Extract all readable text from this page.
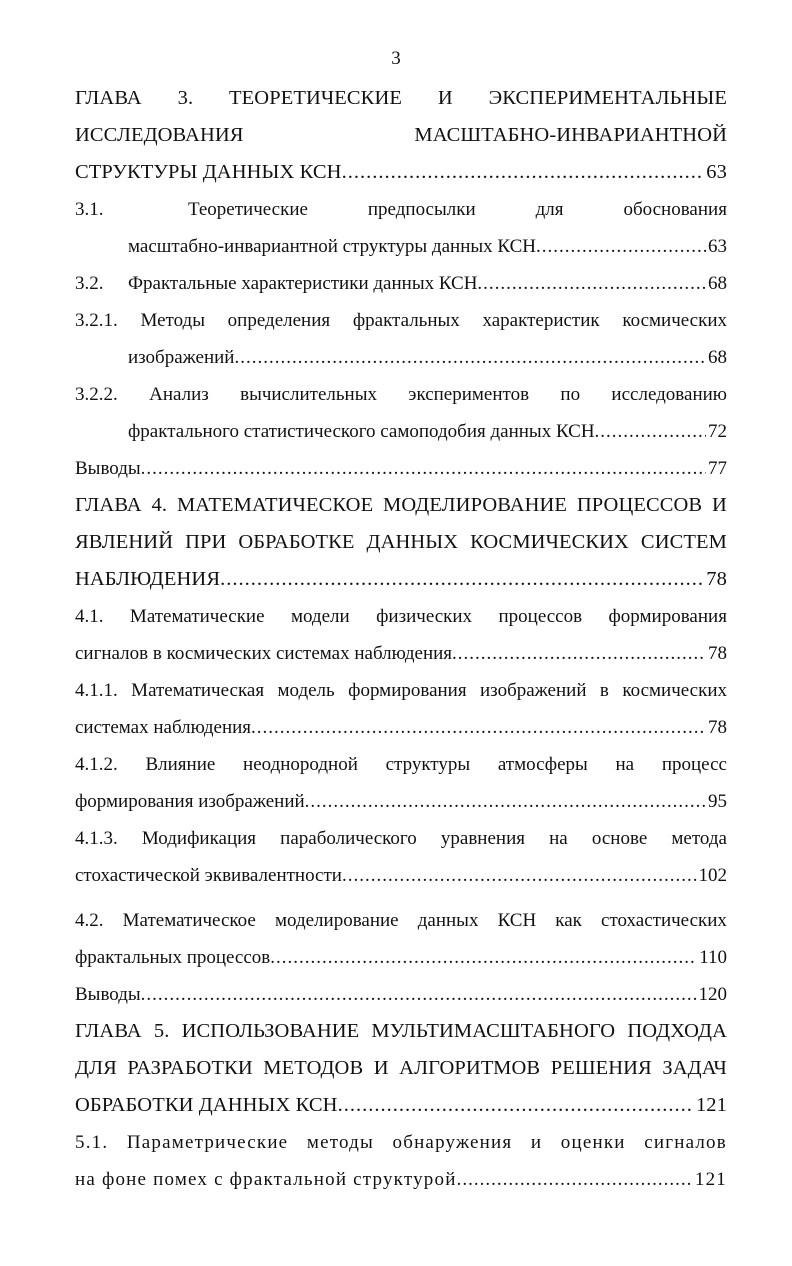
3
ГЛАВА 3. ТЕОРЕТИЧЕСКИЕ И ЭКСПЕРИМЕНТАЛЬНЫЕ
ИССЛЕДОВАНИЯ	МАСШТАБНО-ИНВАРИАНТНОЙ
СТРУКТУРЫ ДАННЫХ КСН .....	63
3.1.	Теоретические	предпосылки	для	обоснования
масштабно-инвариантной структуры данных КСН .....	63
3.2.	Фрактальные характеристики данных КСН .....	68
3.2.1. Методы определения фрактальных характеристик космических
изображений .....	68
3.2.2. Анализ вычислительных экспериментов по исследованию
фрактального статистического самоподобия данных КСН .....	72
Выводы .....	77
ГЛАВА 4. МАТЕМАТИЧЕСКОЕ МОДЕЛИРОВАНИЕ ПРОЦЕССОВ И
ЯВЛЕНИЙ ПРИ ОБРАБОТКЕ ДАННЫХ КОСМИЧЕСКИХ СИСТЕМ
НАБЛЮДЕНИЯ .....	78
4.1. Математические модели физических процессов формирования
сигналов в космических системах наблюдения .....	78
4.1.1. Математическая модель формирования изображений в космических
системах наблюдения .....	78
4.1.2. Влияние неоднородной структуры атмосферы на процесс
формирования изображений .....	95
4.1.3. Модификация параболического уравнения на основе метода
стохастической эквивалентности .....	102
4.2. Математическое моделирование данных КСН как стохастических
фрактальных процессов .....	110
Выводы .....	120
ГЛАВА 5. ИСПОЛЬЗОВАНИЕ МУЛЬТИМАСШТАБНОГО ПОДХОДА
ДЛЯ РАЗРАБОТКИ МЕТОДОВ И АЛГОРИТМОВ РЕШЕНИЯ ЗАДАЧ
ОБРАБОТКИ ДАННЫХ КСН .....	121
5.1. Параметрические методы обнаружения и оценки сигналов
на фоне помех с фрактальной структурой .....	121
